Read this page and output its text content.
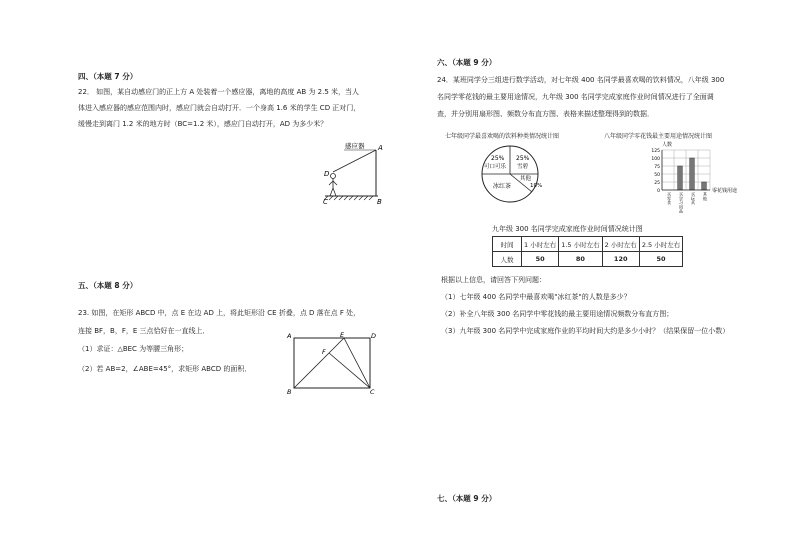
四、（本题 7 分）
22． 如图，某自动感应门的正上方 A 处装着一个感应器，离地的高度 AB 为 2.5 米，当人
体进入感应器的感应范围内时，感应门就会自动打开．一个身高 1.6 米的学生 CD 正对门，
缓慢走到离门 1.2 米的地方时（BC=1.2 米），感应门自动打开，AD 为多少米？
感应器 A
B
C
D
五、（本题 8 分）
23. 如图，在矩形 ABCD 中，点 E 在边 AD 上，将此矩形沿 CE 折叠，点 D 落在点 F 处，
连接 BF，B，F，E 三点恰好在一直线上．
（1）求证：△BEC 为等腰三角形；
（2）若 AB=2，∠ABE=45°，求矩形 ABCD 的面积．
A
B	C
D
E
F
六、（本题 9 分）
24．某班同学分三组进行数学活动，对七年级 400 名同学最喜欢喝的饮料情况，八年级 300
名同学零花钱的最主要用途情况，九年级 300 名同学完成家庭作业时间情况进行了全面调
查，并分别用扇形图、频数分布直方图、表格来描述整理得到的数据．
七年级同学最喜欢喝的饮料种类情况统计图
25%
可口可乐
25%
雪碧
其他
10%
冰红茶
八年级同学零花钱最主要用途情况统计图
人数
125
100
75
50
25
0
买零食 买学习用品 买玩具 其他
零花钱用途
九年级 300 名同学完成家庭作业时间情况统计图
时间	1 小时左右	1.5 小时左右	2 小时左右	2.5 小时左右
人数	50	80	120	50
根据以上信息，请回答下列问题：
（1）七年级 400 名同学中最喜欢喝"冰红茶"的人数是多少？
（2）补全八年级 300 名同学中零花钱的最主要用途情况频数分布直方图；
（3）九年级 300 名同学中完成家庭作业的平均时间大约是多少小时？（结果保留一位小数）
七、（本题 9 分）
